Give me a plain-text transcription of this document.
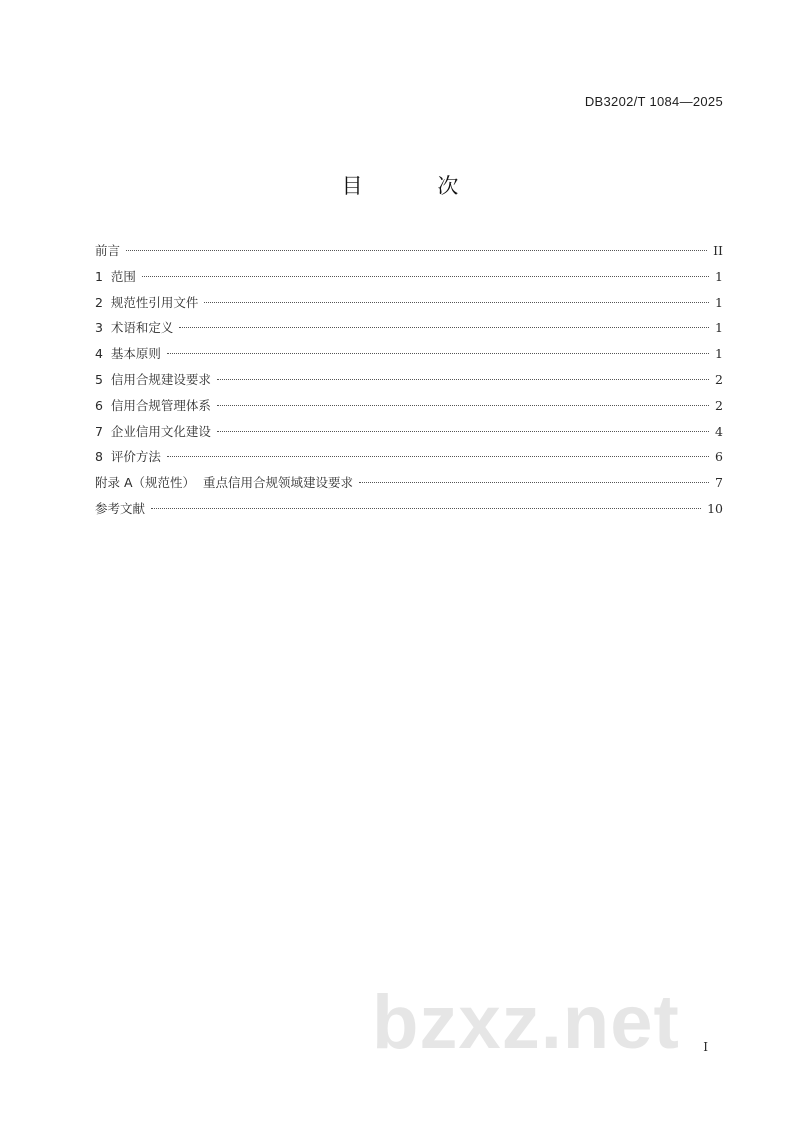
DB3202/T 1084—2025
目 次
前言	II
1  范围	1
2  规范性引用文件	1
3  术语和定义	1
4  基本原则	1
5  信用合规建设要求	2
6  信用合规管理体系	2
7  企业信用文化建设	4
8  评价方法	6
附录 A（规范性）  重点信用合规领域建设要求	7
参考文献	10
bzxz.net I
